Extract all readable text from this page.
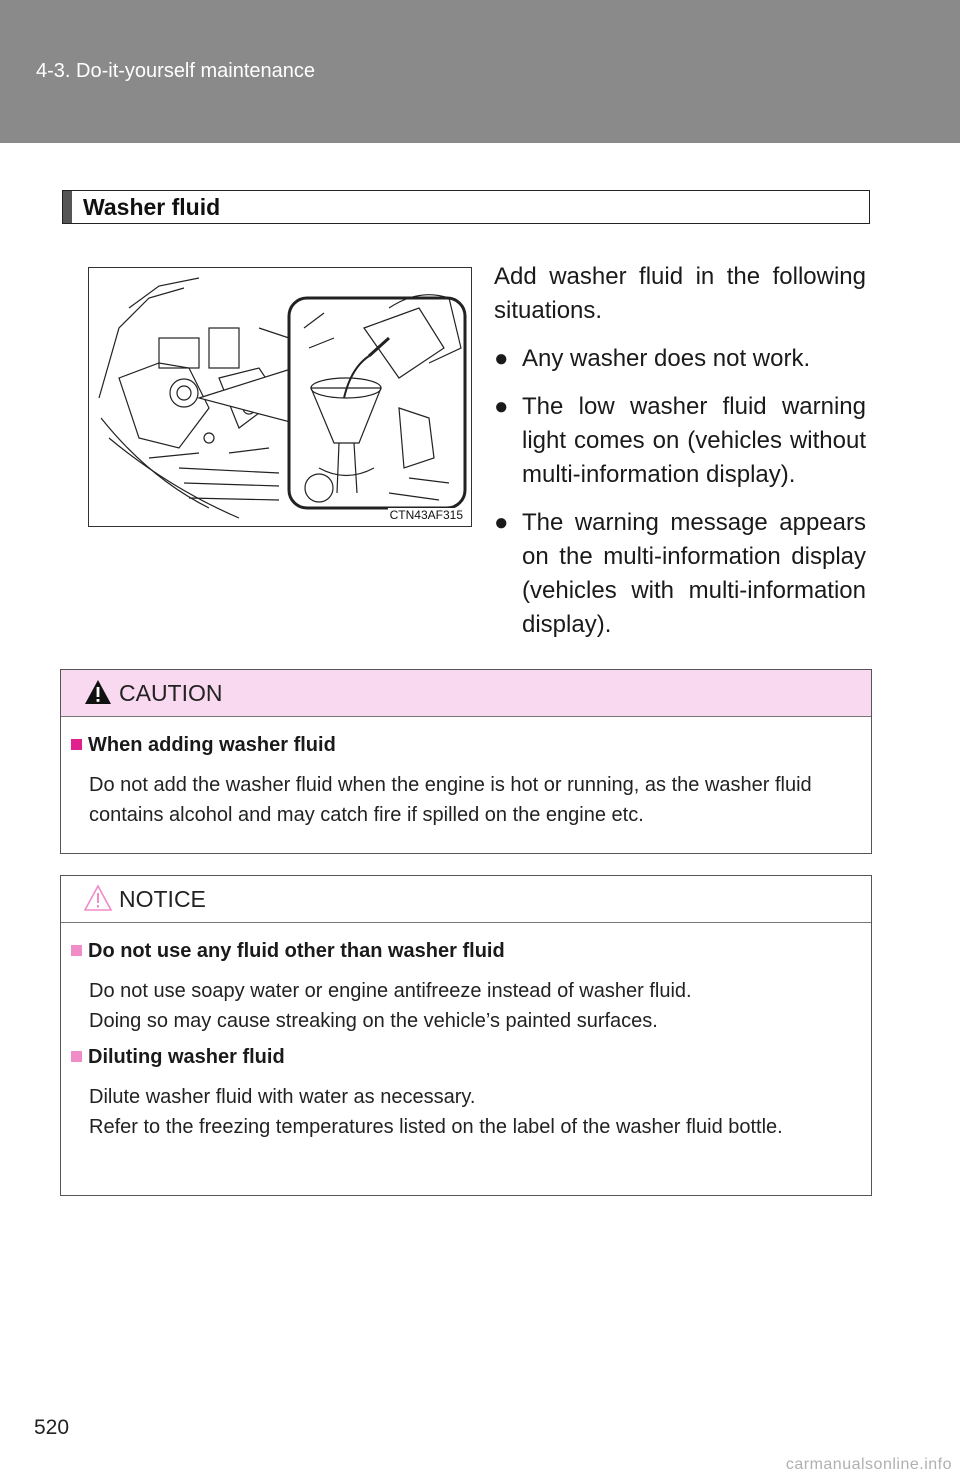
4-3. Do-it-yourself maintenance
Washer fluid
CTN43AF315

Add washer fluid in the following situations.

● Any washer does not work.
● The low washer fluid warning light comes on (vehicles without multi-information display).
● The warning message appears on the multi-information display (vehicles with multi-information display).
CAUTION
When adding washer fluid
Do not add the washer fluid when the engine is hot or running, as the washer fluid contains alcohol and may catch fire if spilled on the engine etc.
NOTICE
Do not use any fluid other than washer fluid
Do not use soapy water or engine antifreeze instead of washer fluid.
Doing so may cause streaking on the vehicle’s painted surfaces.
Diluting washer fluid
Dilute washer fluid with water as necessary.
Refer to the freezing temperatures listed on the label of the washer fluid bottle.
520
carmanualsonline.info
